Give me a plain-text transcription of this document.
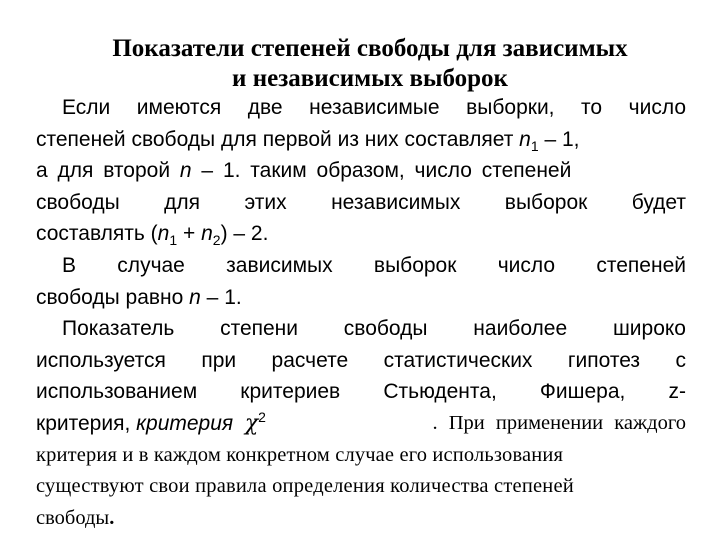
Показатели степеней свободы для зависимых
и независимых выборок
Если имеются две независимые выборки, то число
степеней свободы для первой из них составляет $n_1 - 1$,
а для второй n – 1. таким образом, число степеней
свободы для этих независимых выборок будет
составлять $(n_1 + n_2) - 2$.
В случае зависимых выборок число степеней
свободы равно n – 1.
Показатель степени свободы наиболее широко
используется при расчете статистических гипотез с
использованием критериев Стьюдента, Фишера, z-
критерия, критерия $\chi^2$	. При применении каждого
критерия и в каждом конкретном случае его использования
существуют свои правила определения количества степеней
свободы.
